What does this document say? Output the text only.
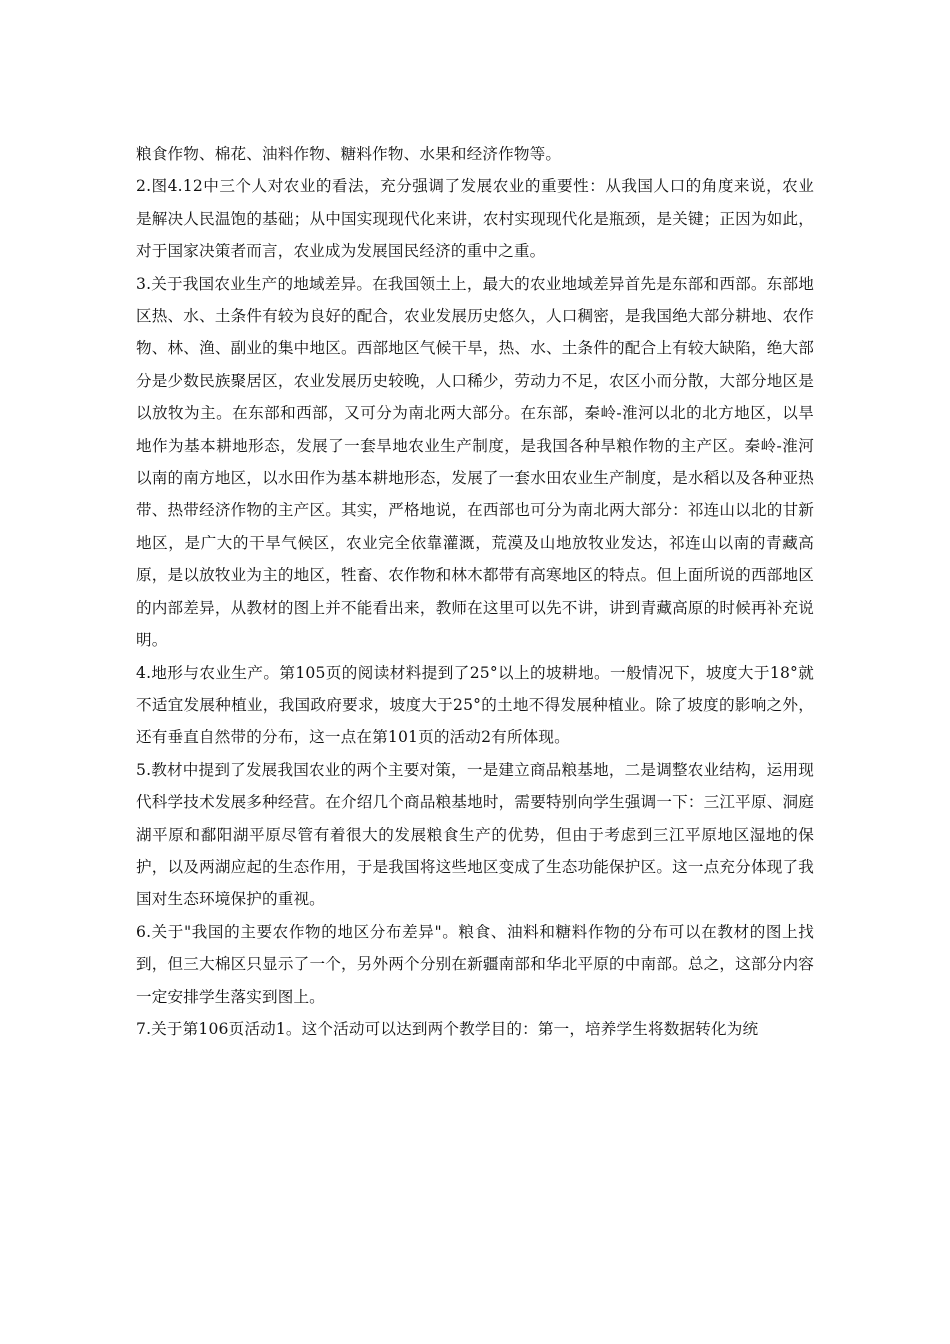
粮食作物、棉花、油料作物、糖料作物、水果和经济作物等。

2.图4.12中三个人对农业的看法，充分强调了发展农业的重要性：从我国人口的角度来说，农业是解决人民温饱的基础；从中国实现现代化来讲，农村实现现代化是瓶颈，是关键；正因为如此，对于国家决策者而言，农业成为发展国民经济的重中之重。

3.关于我国农业生产的地域差异。在我国领土上，最大的农业地域差异首先是东部和西部。东部地区热、水、土条件有较为良好的配合，农业发展历史悠久，人口稠密，是我国绝大部分耕地、农作物、林、渔、副业的集中地区。西部地区气候干旱，热、水、土条件的配合上有较大缺陷，绝大部分是少数民族聚居区，农业发展历史较晚，人口稀少，劳动力不足，农区小而分散，大部分地区是以放牧为主。在东部和西部，又可分为南北两大部分。在东部，秦岭-淮河以北的北方地区，以旱地作为基本耕地形态，发展了一套旱地农业生产制度，是我国各种旱粮作物的主产区。秦岭-淮河以南的南方地区，以水田作为基本耕地形态，发展了一套水田农业生产制度，是水稻以及各种亚热带、热带经济作物的主产区。其实，严格地说，在西部也可分为南北两大部分：祁连山以北的甘新地区，是广大的干旱气候区，农业完全依靠灌溉，荒漠及山地放牧业发达，祁连山以南的青藏高原，是以放牧业为主的地区，牲畜、农作物和林木都带有高寒地区的特点。但上面所说的西部地区的内部差异，从教材的图上并不能看出来，教师在这里可以先不讲，讲到青藏高原的时候再补充说明。

4.地形与农业生产。第105页的阅读材料提到了25°以上的坡耕地。一般情况下，坡度大于18°就不适宜发展种植业，我国政府要求，坡度大于25°的土地不得发展种植业。除了坡度的影响之外，还有垂直自然带的分布，这一点在第101页的活动2有所体现。

5.教材中提到了发展我国农业的两个主要对策，一是建立商品粮基地，二是调整农业结构，运用现代科学技术发展多种经营。在介绍几个商品粮基地时，需要特别向学生强调一下：三江平原、洞庭湖平原和鄱阳湖平原尽管有着很大的发展粮食生产的优势，但由于考虑到三江平原地区湿地的保护，以及两湖应起的生态作用，于是我国将这些地区变成了生态功能保护区。这一点充分体现了我国对生态环境保护的重视。

6.关于"我国的主要农作物的地区分布差异"。粮食、油料和糖料作物的分布可以在教材的图上找到，但三大棉区只显示了一个，另外两个分别在新疆南部和华北平原的中南部。总之，这部分内容一定安排学生落实到图上。

7.关于第106页活动1。这个活动可以达到两个教学目的：第一，培养学生将数据转化为统
